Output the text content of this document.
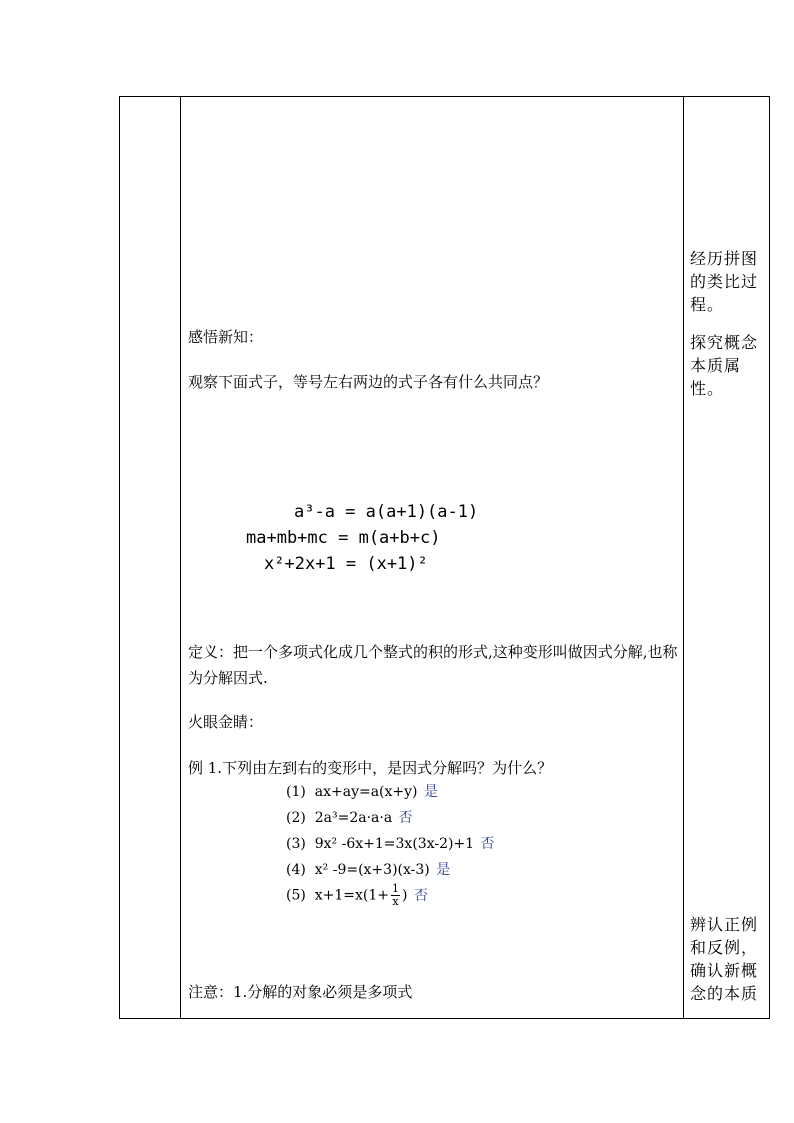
感悟新知：
观察下面式子，等号左右两边的式子各有什么共同点？
a³-a = a(a+1)(a-1)
ma+mb+mc = m(a+b+c)
x²+2x+1 = (x+1)²
定义：把一个多项式化成几个整式的积的形式,这种变形叫做因式分解,也称为分解因式.
火眼金睛：
例 1.下列由左到右的变形中，是因式分解吗？为什么？
(1) ax+ay=a(x+y) 是
(2) 2a³=2a·a·a 否
(3) 9x² -6x+1=3x(3x-2)+1 否
(4) x² -9=(x+3)(x-3) 是
(5) $x+1=x(1+ \frac{1}{x}$ ) 否
注意：1.分解的对象必须是多项式
经历拼图的类比过程。
探究概念本质属性。
辨认正例和反例，确认新概念的本质
